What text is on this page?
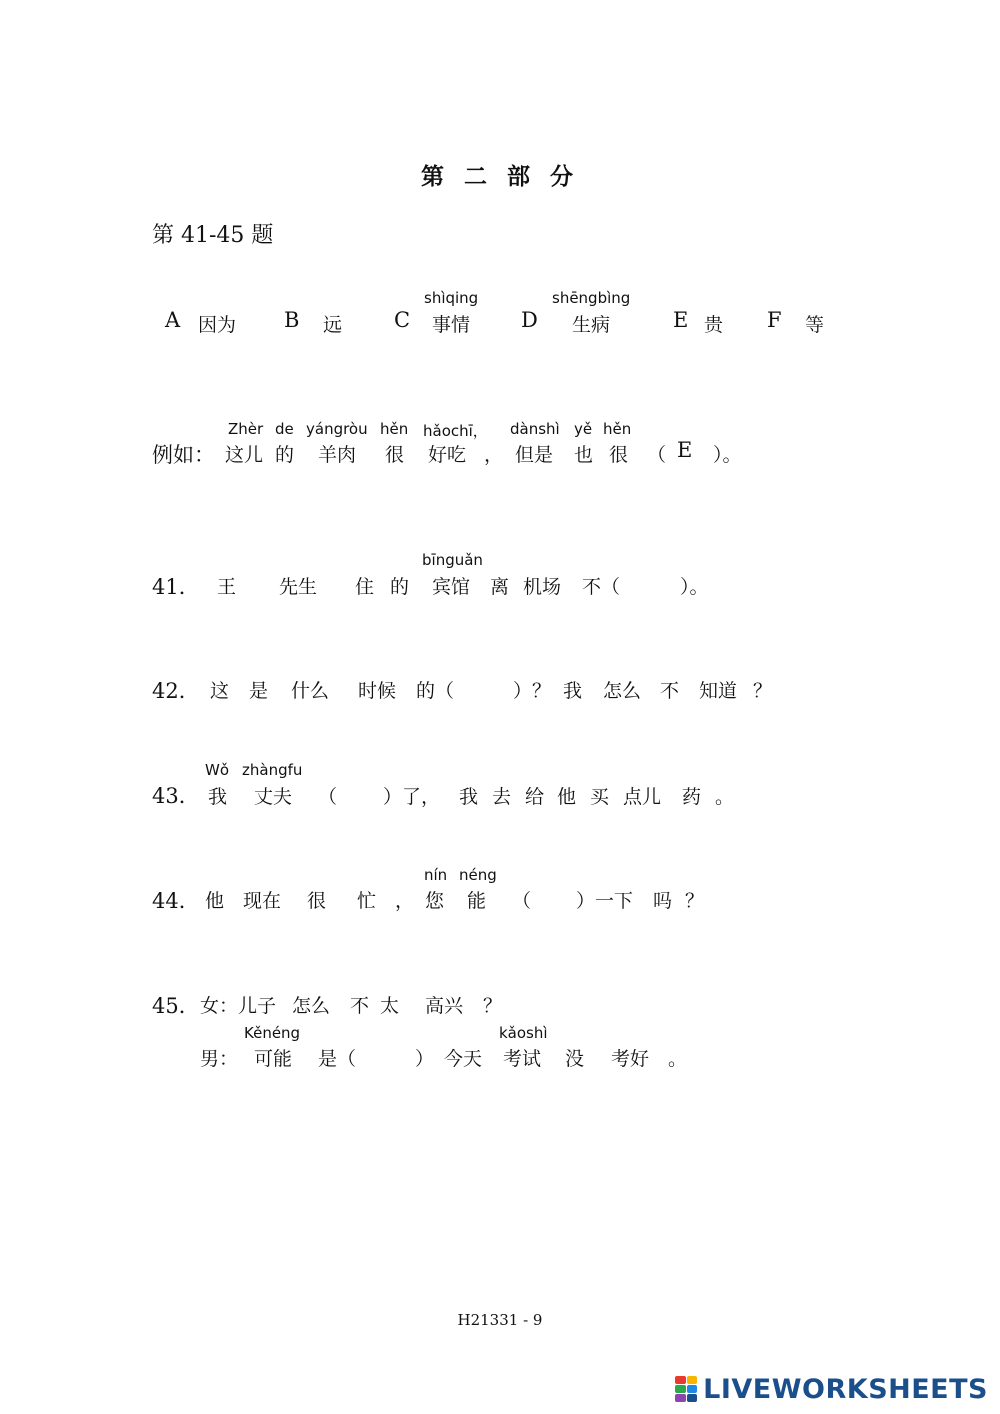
第 二 部 分
第 41-45 题
A 因为 B 远
shìqing
C 事情
shēngbìng
D 生病	E 贵 F 等
Zhèr de yángròu hěn hǎochī， dànshì yě hěn
例如： 这儿 的 羊肉 很 好吃 ， 但是 也 很 （ E ）。
bīnguǎn
41． 王 先生 住 的 宾馆 离 机场 不（	）。
42． 这 是 什么 时候 的（	）？ 我 怎么 不 知道 ？
Wǒ zhàngfu
43． 我 丈夫 （ ）了， 我 去 给 他 买 点儿 药 。
nín néng
44． 他 现在 很 忙 ， 您 能 （ ）一下 吗 ？
45． 女：儿子 怎么 不 太 高兴 ？
Kěnéng	kǎoshì
男： 可能 是（	） 今天 考试 没 考好 。
H21331 - 9
LIVEWORKSHEETS
